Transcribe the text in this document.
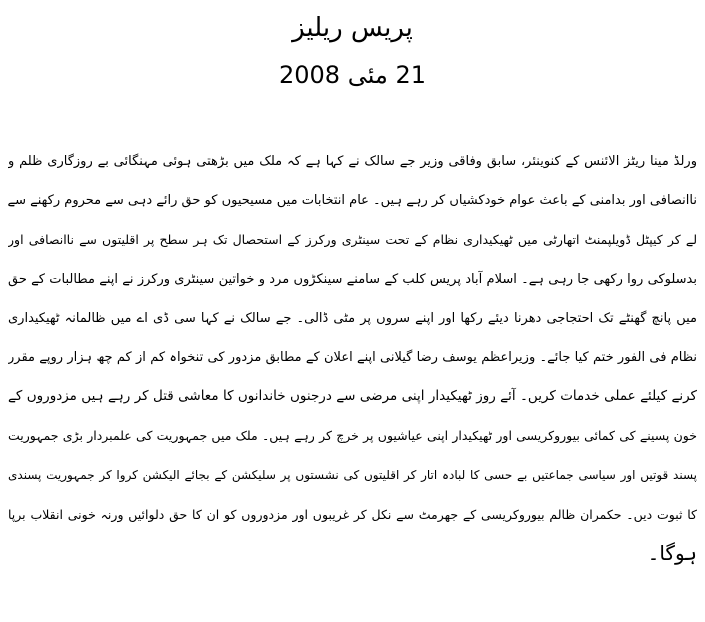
پریس ریلیز
21 مئی 2008
ورلڈ مینا ریٹز الائنس کے کنوینئر، سابق وفاقی وزیر جے سالک نے کہا ہے کہ ملک میں بڑھتی ہوئی مہنگائی بے روزگاری ظلم و
ناانصافی اور بدامنی کے باعث عوام خودکشیاں کر رہے ہیں۔ عام انتخابات میں مسیحیوں کو حق رائے دہی سے محروم رکھنے سے
لے کر کیپٹل ڈویلپمنٹ اتھارٹی میں ٹھیکیداری نظام کے تحت سینٹری ورکرز کے استحصال تک ہر سطح پر اقلیتوں سے ناانصافی اور
بدسلوکی روا رکھی جا رہی ہے۔ اسلام آباد پریس کلب کے سامنے سینکڑوں مرد و خواتین سینٹری ورکرز نے اپنے مطالبات کے حق
میں پانچ گھنٹے تک احتجاجی دھرنا دیئے رکھا اور اپنے سروں پر مٹی ڈالی۔ جے سالک نے کہا سی ڈی اے میں ظالمانہ ٹھیکیداری
نظام فی الفور ختم کیا جائے۔ وزیراعظم یوسف رضا گیلانی اپنے اعلان کے مطابق مزدور کی تنخواہ کم از کم چھ ہزار روپے مقرر
کرنے کیلئے عملی خدمات کریں۔ آئے روز ٹھیکیدار اپنی مرضی سے درجنوں خاندانوں کا معاشی قتل کر رہے ہیں مزدوروں کے
خون پسینے کی کمائی بیوروکریسی اور ٹھیکیدار اپنی عیاشیوں پر خرچ کر رہے ہیں۔ ملک میں جمہوریت کی علمبردار بڑی جمہوریت
پسند قوتیں اور سیاسی جماعتیں بے حسی کا لبادہ اتار کر اقلیتوں کی نشستوں پر سلیکشن کے بجائے الیکشن کروا کر جمہوریت پسندی
کا ثبوت دیں۔ حکمران ظالم بیوروکریسی کے جھرمٹ سے نکل کر غریبوں اور مزدوروں کو ان کا حق دلوائیں ورنہ خونی انقلاب برپا
ہوگا۔
